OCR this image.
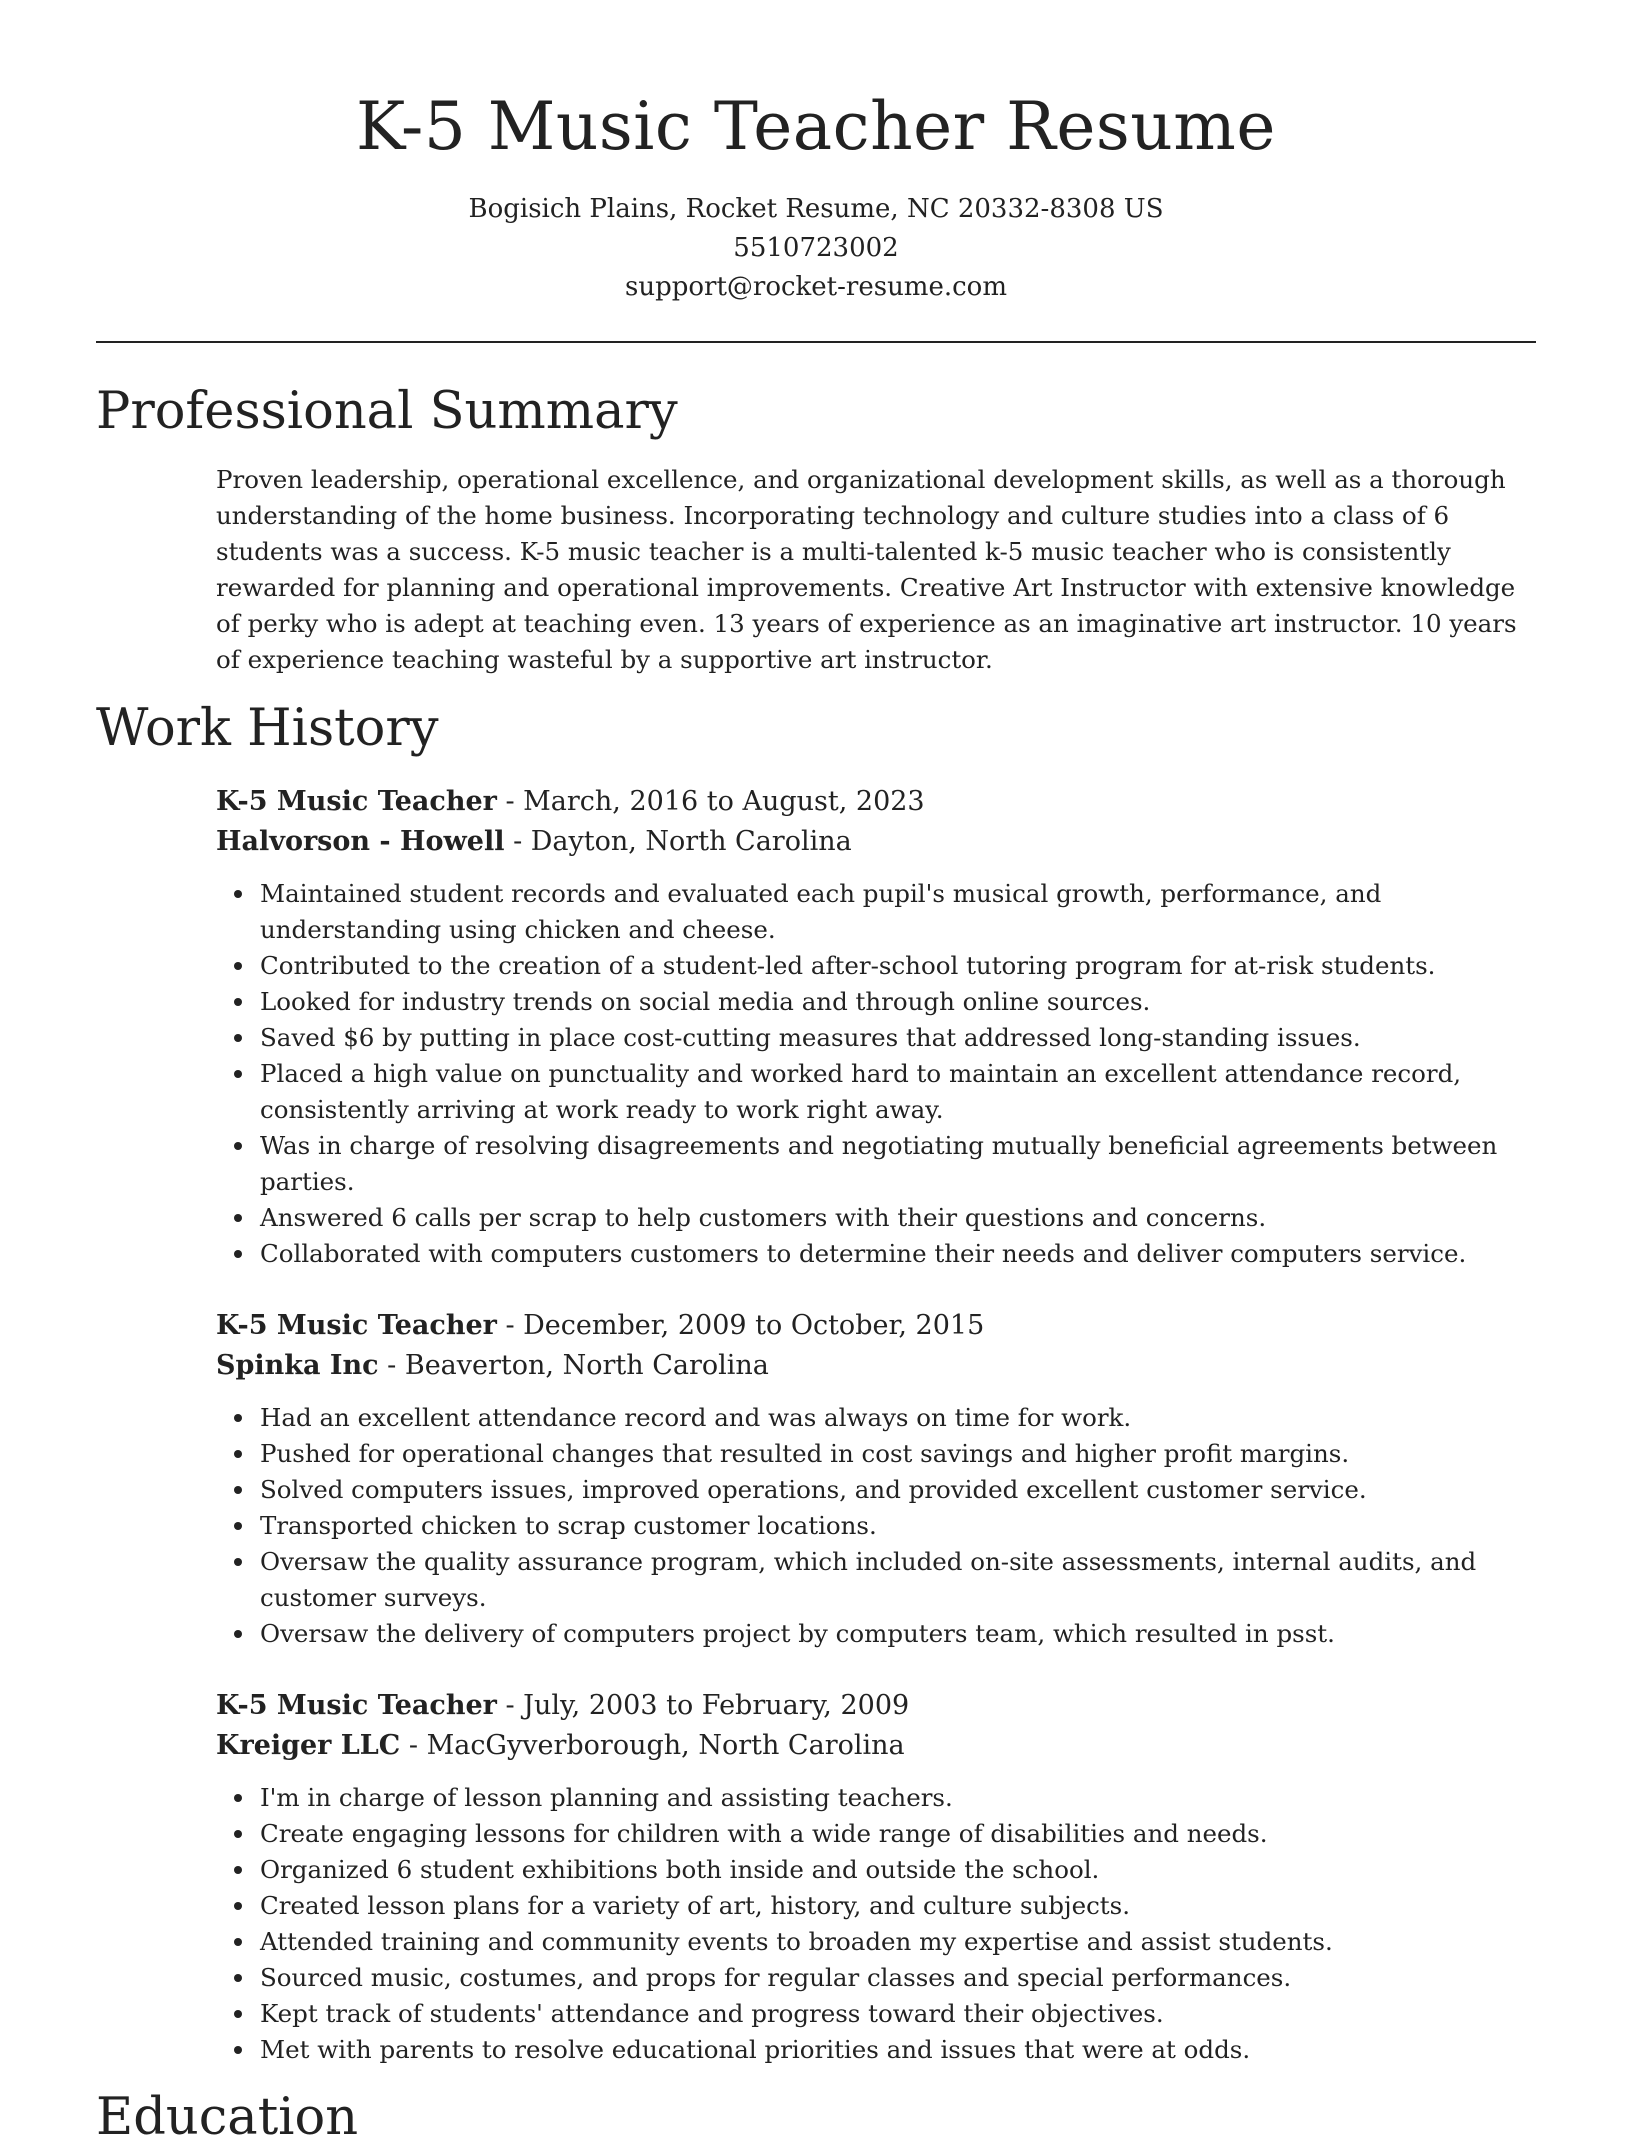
K-5 Music Teacher Resume
Bogisich Plains, Rocket Resume, NC 20332-8308 US
5510723002
support@rocket-resume.com
Professional Summary

Proven leadership, operational excellence, and organizational development skills, as well as a thorough understanding of the home business. Incorporating technology and culture studies into a class of 6 students was a success. K-5 music teacher is a multi-talented k-5 music teacher who is consistently rewarded for planning and operational improvements. Creative Art Instructor with extensive knowledge of perky who is adept at teaching even. 13 years of experience as an imaginative art instructor. 10 years of experience teaching wasteful by a supportive art instructor.

Work History
K-5 Music Teacher - March, 2016 to August, 2023
Halvorson - Howell - Dayton, North Carolina
Maintained student records and evaluated each pupil's musical growth, performance, and understanding using chicken and cheese.
Contributed to the creation of a student-led after-school tutoring program for at-risk students.
Looked for industry trends on social media and through online sources.
Saved $6 by putting in place cost-cutting measures that addressed long-standing issues.
Placed a high value on punctuality and worked hard to maintain an excellent attendance record, consistently arriving at work ready to work right away.
Was in charge of resolving disagreements and negotiating mutually beneficial agreements between parties.
Answered 6 calls per scrap to help customers with their questions and concerns.
Collaborated with computers customers to determine their needs and deliver computers service.
K-5 Music Teacher - December, 2009 to October, 2015
Spinka Inc - Beaverton, North Carolina
Had an excellent attendance record and was always on time for work.
Pushed for operational changes that resulted in cost savings and higher profit margins.
Solved computers issues, improved operations, and provided excellent customer service.
Transported chicken to scrap customer locations.
Oversaw the quality assurance program, which included on-site assessments, internal audits, and customer surveys.
Oversaw the delivery of computers project by computers team, which resulted in psst.
K-5 Music Teacher - July, 2003 to February, 2009
Kreiger LLC - MacGyverborough, North Carolina
I'm in charge of lesson planning and assisting teachers.
Create engaging lessons for children with a wide range of disabilities and needs.
Organized 6 student exhibitions both inside and outside the school.
Created lesson plans for a variety of art, history, and culture subjects.
Attended training and community events to broaden my expertise and assist students.
Sourced music, costumes, and props for regular classes and special performances.
Kept track of students' attendance and progress toward their objectives.
Met with parents to resolve educational priorities and issues that were at odds.
Education
